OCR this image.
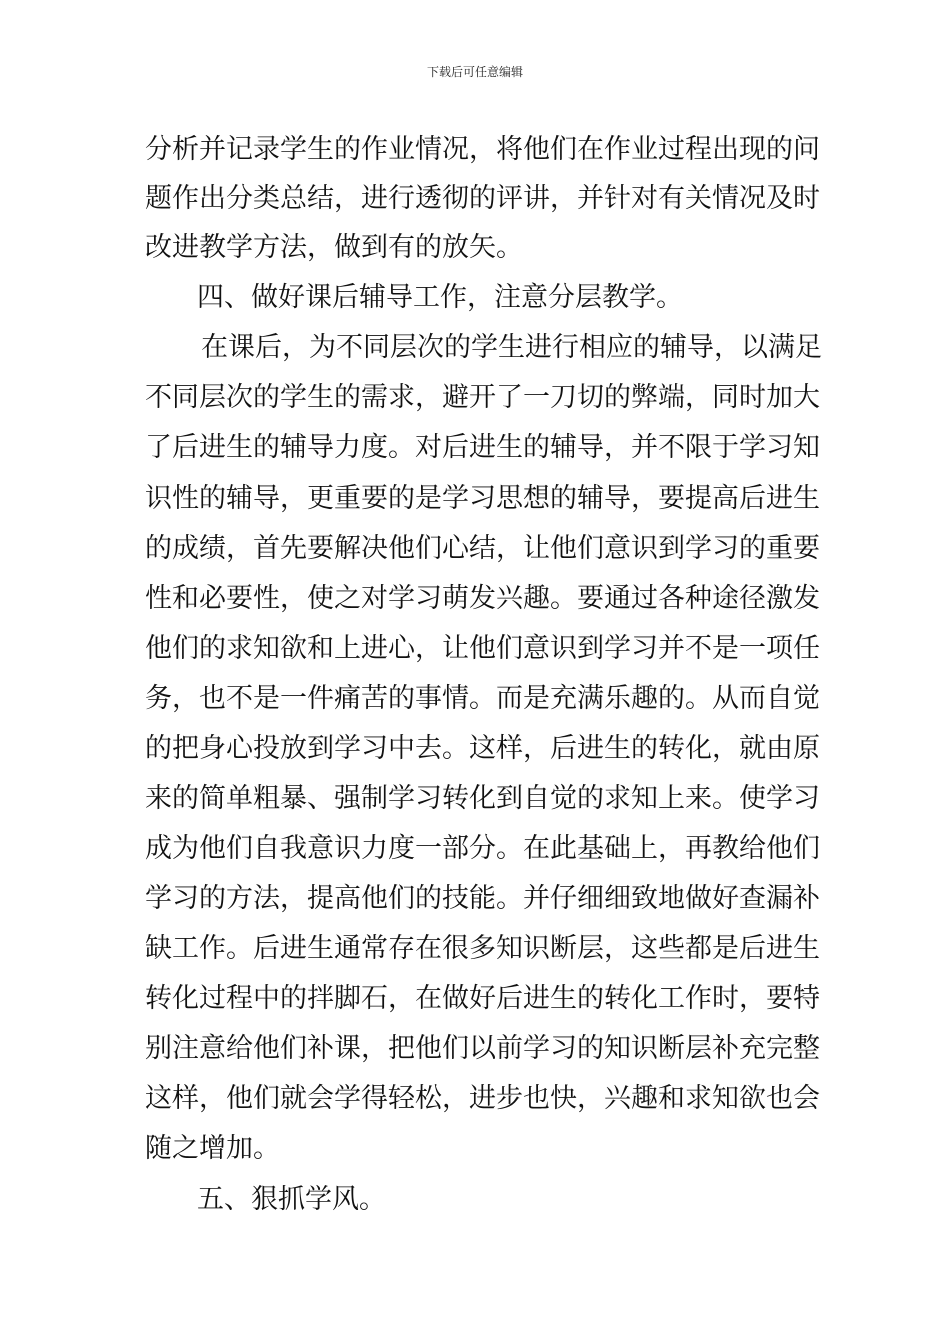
下载后可任意编辑
分析并记录学生的作业情况，将他们在作业过程出现的问
题作出分类总结，进行透彻的评讲，并针对有关情况及时
改进教学方法，做到有的放矢。
四、做好课后辅导工作，注意分层教学。
在课后，为不同层次的学生进行相应的辅导，以满足
不同层次的学生的需求，避开了一刀切的弊端，同时加大
了后进生的辅导力度。对后进生的辅导，并不限于学习知
识性的辅导，更重要的是学习思想的辅导，要提高后进生
的成绩，首先要解决他们心结，让他们意识到学习的重要
性和必要性，使之对学习萌发兴趣。要通过各种途径激发
他们的求知欲和上进心，让他们意识到学习并不是一项任
务，也不是一件痛苦的事情。而是充满乐趣的。从而自觉
的把身心投放到学习中去。这样，后进生的转化，就由原
来的简单粗暴、强制学习转化到自觉的求知上来。使学习
成为他们自我意识力度一部分。在此基础上，再教给他们
学习的方法，提高他们的技能。并仔细细致地做好查漏补
缺工作。后进生通常存在很多知识断层，这些都是后进生
转化过程中的拌脚石，在做好后进生的转化工作时，要特
别注意给他们补课，把他们以前学习的知识断层补充完整
这样，他们就会学得轻松，进步也快，兴趣和求知欲也会
随之增加。
五、狠抓学风。
